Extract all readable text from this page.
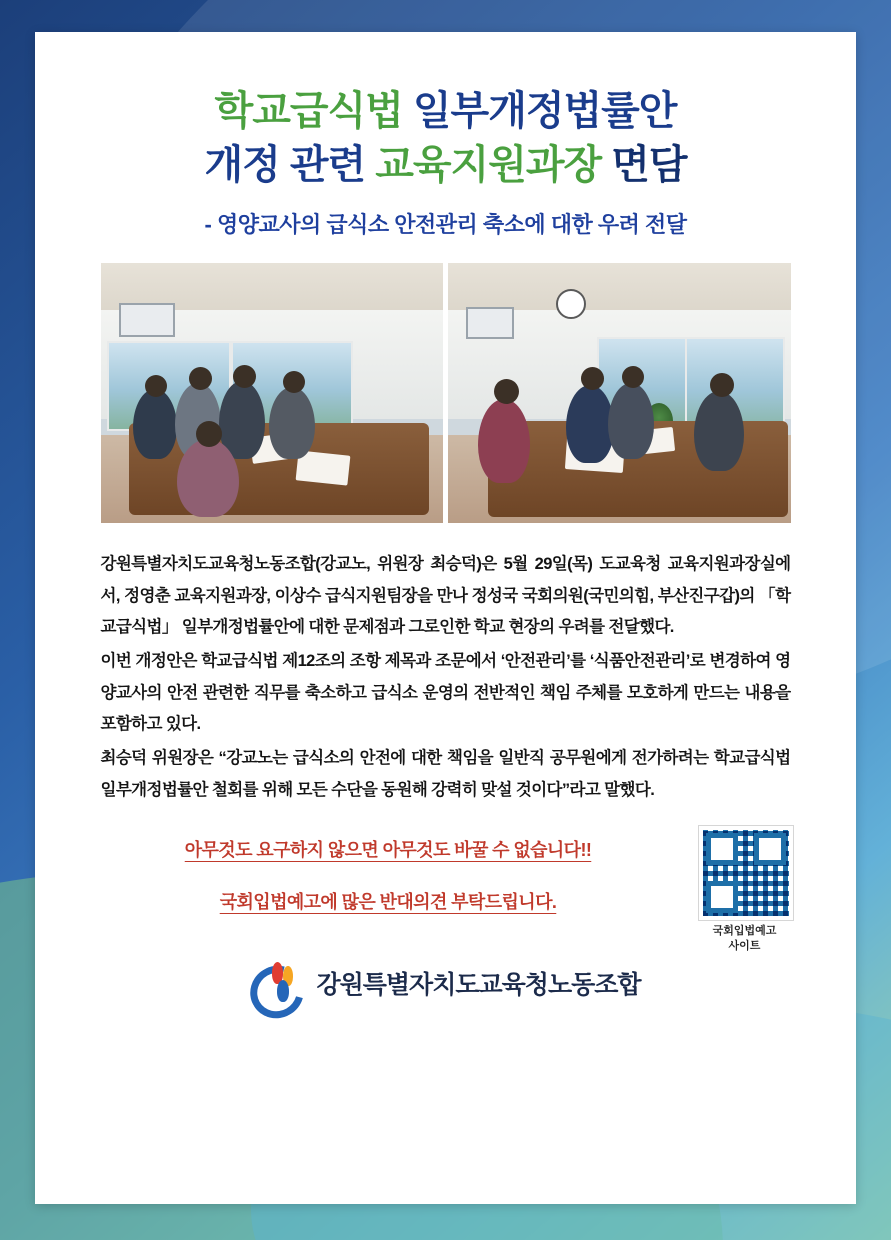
학교급식법 일부개정법률안
개정 관련 교육지원과장 면담
- 영양교사의 급식소 안전관리 축소에 대한 우려 전달

강원특별자치도교육청노동조합(강교노, 위원장 최승덕)은 5월 29일(목) 도교육청 교육지원과장실에서, 정영춘 교육지원과장, 이상수 급식지원팀장을 만나 정성국 국회의원(국민의힘, 부산진구갑)의 「학교급식법」 일부개정법률안에 대한 문제점과 그로인한 학교 현장의 우려를 전달했다.

이번 개정안은 학교급식법 제12조의 조항 제목과 조문에서 ‘안전관리’를 ‘식품안전관리’로 변경하여 영양교사의 안전 관련한 직무를 축소하고 급식소 운영의 전반적인 책임 주체를 모호하게 만드는 내용을 포함하고 있다.

최승덕 위원장은 “강교노는 급식소의 안전에 대한 책임을 일반직 공무원에게 전가하려는 학교급식법 일부개정법률안 철회를 위해 모든 수단을 동원해 강력히 맞설 것이다”라고 말했다.

아무것도 요구하지 않으면 아무것도 바꿀 수 없습니다!!
국회입법예고에 많은 반대의견 부탁드립니다.
국회입법예고
사이트
강원특별자치도교육청노동조합
